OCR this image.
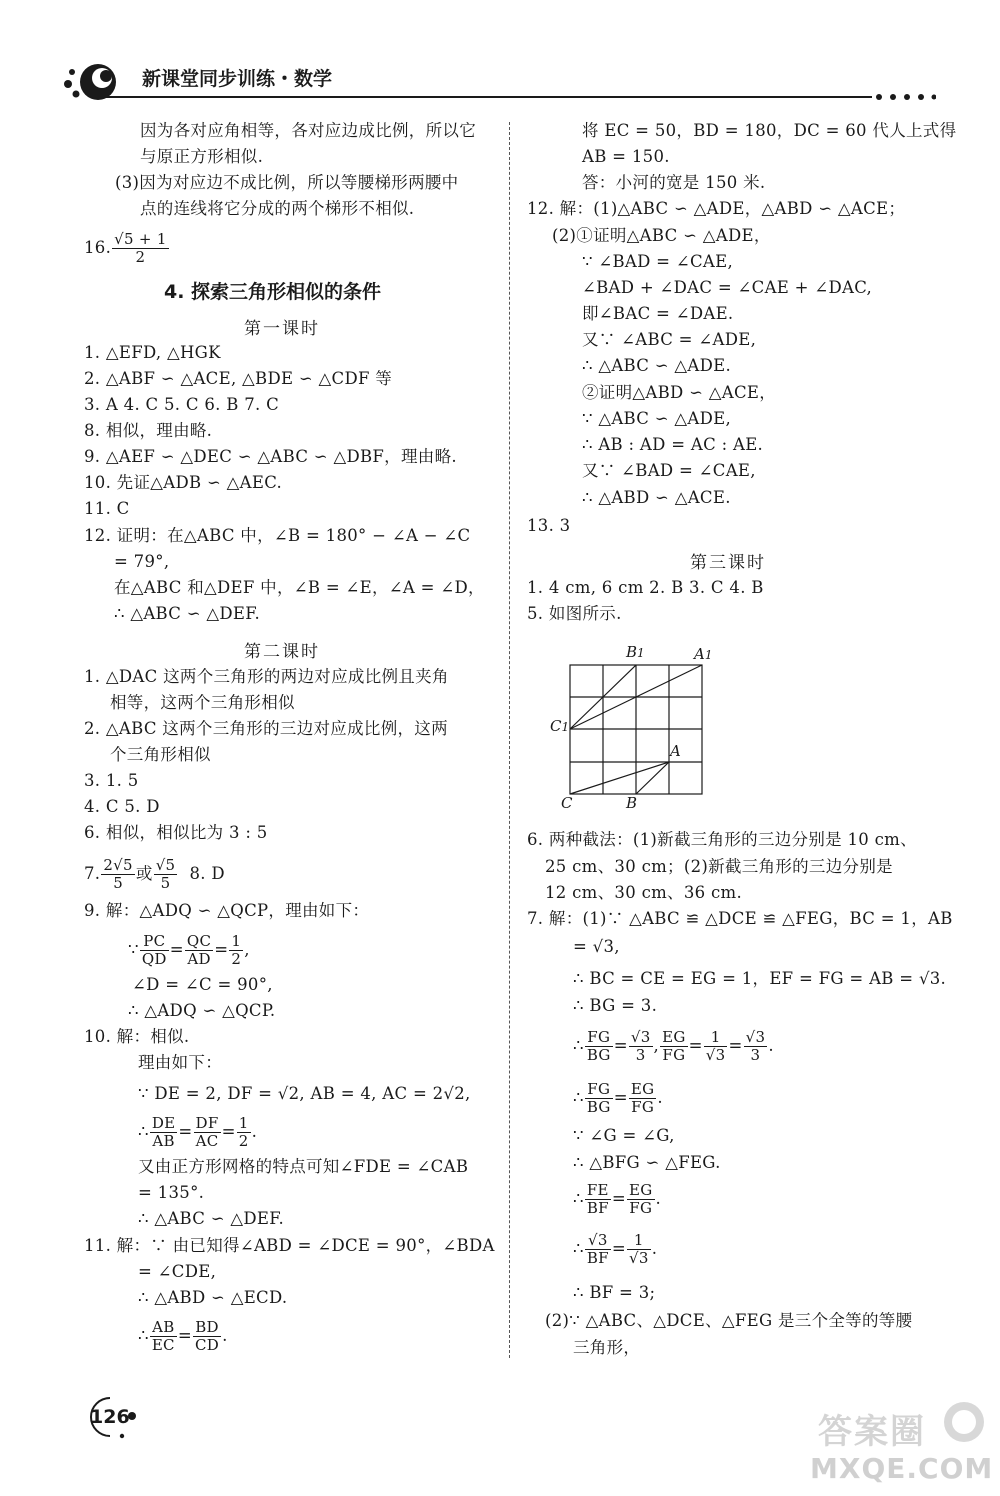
新课堂同步训练・数学
因为各对应角相等，各对应边成比例，所以它
与原正方形相似.
(3)因为对应边不成比例，所以等腰梯形两腰中
点的连线将它分成的两个梯形不相似.
16. $\frac{√5 + 1}{2}$
4. 探索三角形相似的条件
第一课时
1. △EFD, △HGK
2. △ABF ∽ △ACE, △BDE ∽ △CDF 等
3. A 4. C 5. C 6. B 7. C
8. 相似，理由略.
9. △AEF ∽ △DEC ∽ △ABC ∽ △DBF，理由略.
10. 先证△ADB ∽ △AEC.
11. C
12. 证明：在△ABC 中，∠B = 180° − ∠A − ∠C
= 79°,
在△ABC 和△DEF 中，∠B = ∠E，∠A = ∠D，
∴ △ABC ∽ △DEF.
第二课时
1. △DAC 这两个三角形的两边对应成比例且夹角
相等，这两个三角形相似
2. △ABC 这两个三角形的三边对应成比例，这两
个三角形相似
3. 1. 5
4. C 5. D
6. 相似，相似比为 3 : 5
7. $\frac{2√5}{5}$ 或 $\frac{√5}{5} 8$. D
9. 解：△ADQ ∽ △QCP，理由如下：
∵ $\frac{PC}{QD} = \frac{QC}{AD} = \frac{1}{2}$ ,
∠D = ∠C = 90°,
∴ △ADQ ∽ △QCP.
10. 解：相似.
理由如下：
∵ DE = 2, DF = √2, AB = 4, AC = 2√2,
∴ $\frac{DE}{AB} = \frac{DF}{AC} = \frac{1}{2}$ .
又由正方形网格的特点可知∠FDE = ∠CAB
= 135°.
∴ △ABC ∽ △DEF.
11. 解：∵ 由已知得∠ABD = ∠DCE = 90°，∠BDA
= ∠CDE,
∴ △ABD ∽ △ECD.
∴ $\frac{AB}{EC} = \frac{BD}{CD}$ .
将 EC = 50，BD = 180，DC = 60 代人上式得
AB = 150.
答：小河的宽是 150 米.
12. 解：(1)△ABC ∽ △ADE，△ABD ∽ △ACE；
(2)①证明△ABC ∽ △ADE，
∵ ∠BAD = ∠CAE,
∠BAD + ∠DAC = ∠CAE + ∠DAC,
即∠BAC = ∠DAE.
又∵ ∠ABC = ∠ADE,
∴ △ABC ∽ △ADE.
②证明△ABD ∽ △ACE，
∵ △ABC ∽ △ADE,
∴ AB : AD = AC : AE.
又∵ ∠BAD = ∠CAE,
∴ △ABD ∽ △ACE.
13. 3
第三课时
1. 4 cm, 6 cm 2. B 3. C 4. B
5. 如图所示.
B1	A1
C1
A
C	B
6. 两种截法：(1)新截三角形的三边分别是 10 cm、
25 cm、30 cm；(2)新截三角形的三边分别是
12 cm、30 cm、36 cm.
7. 解：(1)∵ △ABC ≌ △DCE ≌ △FEG，BC = 1，AB
= √3,
∴ BC = CE = EG = 1，EF = FG = AB = √3.
∴ BG = 3.
∴ $\frac{FG}{BG} = \frac{√3}{3}$ , $\frac{EG}{FG} = \frac{1}{√3} = \frac{√3}{3}$ .
∴ $\frac{FG}{BG} = \frac{EG}{FG}$ .
∵ ∠G = ∠G,
∴ △BFG ∽ △FEG.
∴ $\frac{FE}{BF} = \frac{EG}{FG}$ .
∴ $\frac{√3}{BF} = \frac{1}{√3}$ .
∴ BF = 3;
(2)∵ △ABC、△DCE、△FEG 是三个全等的等腰
三角形，
126	答案圈
MXQE.COM
